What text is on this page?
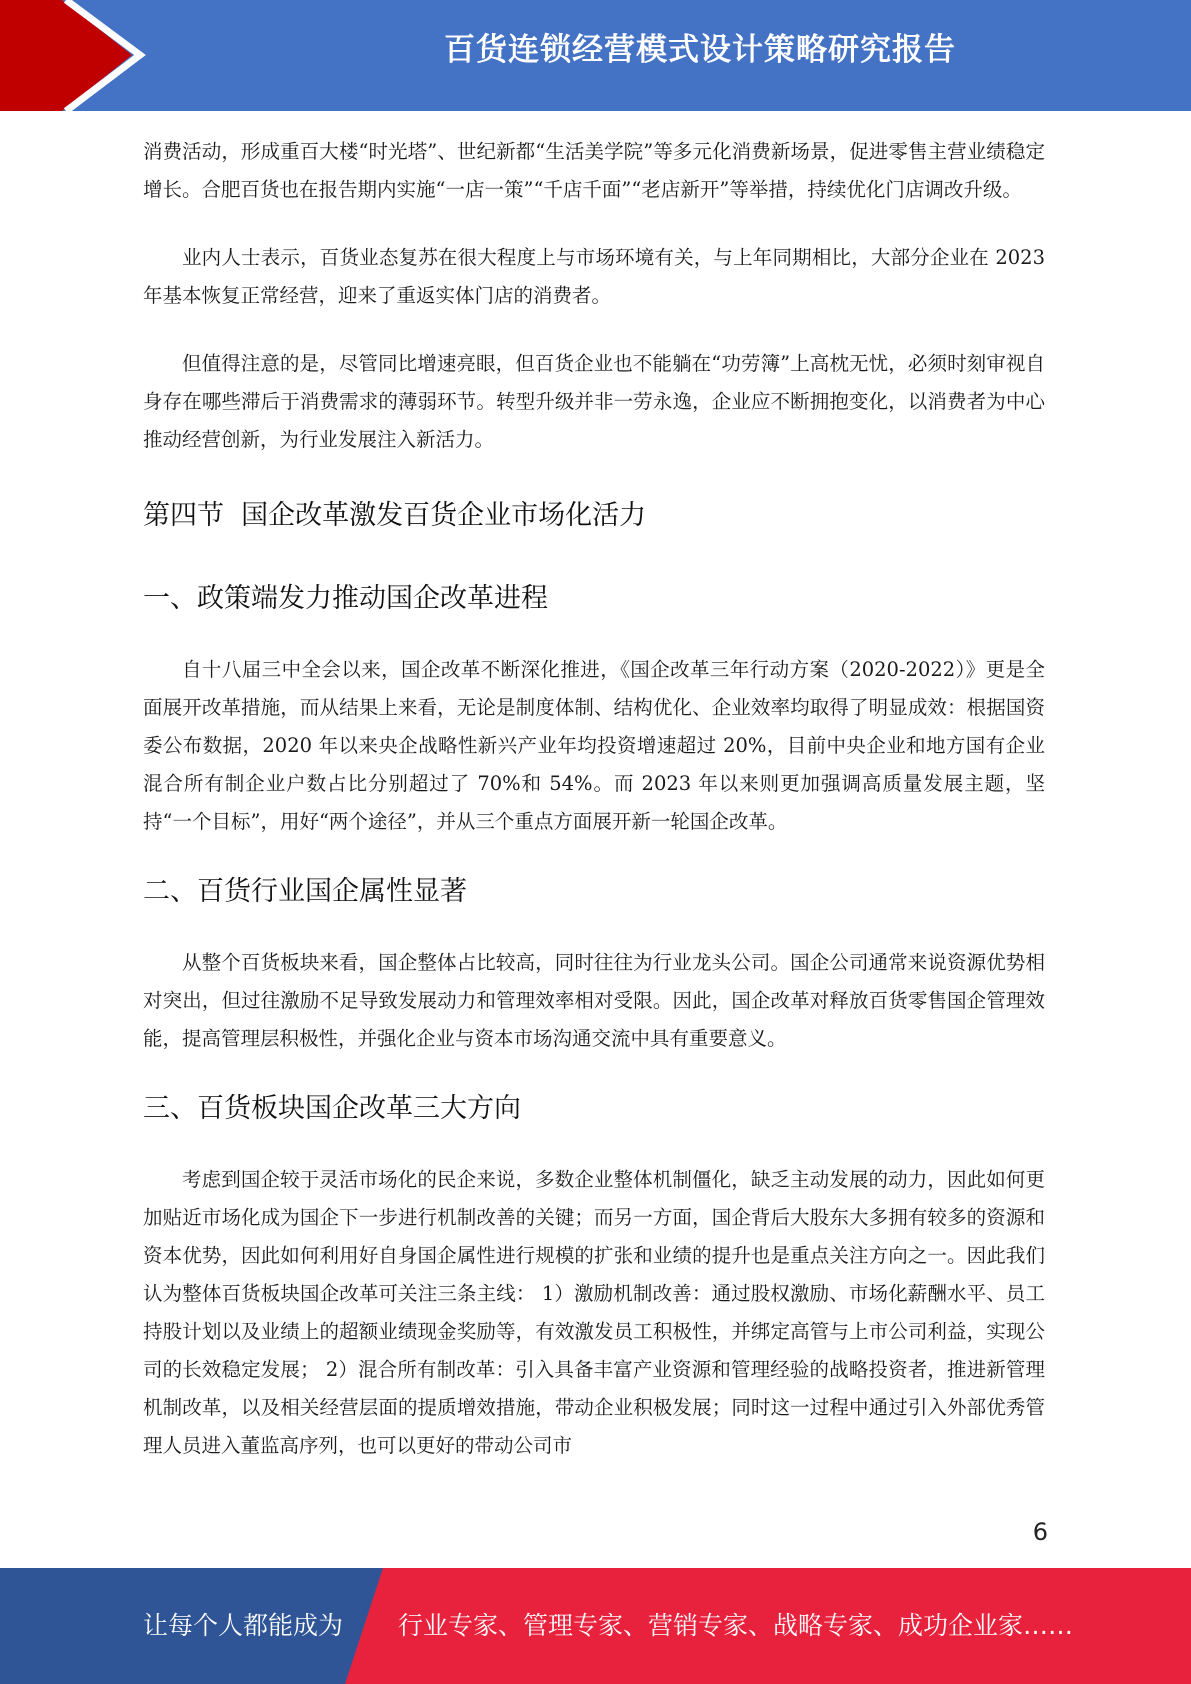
百货连锁经营模式设计策略研究报告

消费活动，形成重百大楼“时光塔”、世纪新都“生活美学院”等多元化消费新场景，促进零售主营业绩稳定增长。合肥百货也在报告期内实施“一店一策”“千店千面”“老店新开”等举措，持续优化门店调改升级。

业内人士表示，百货业态复苏在很大程度上与市场环境有关，与上年同期相比，大部分企业在 2023 年基本恢复正常经营，迎来了重返实体门店的消费者。

但值得注意的是，尽管同比增速亮眼，但百货企业也不能躺在“功劳簿”上高枕无忧，必须时刻审视自身存在哪些滞后于消费需求的薄弱环节。转型升级并非一劳永逸，企业应不断拥抱变化，以消费者为中心推动经营创新，为行业发展注入新活力。

第四节  国企改革激发百货企业市场化活力
一、政策端发力推动国企改革进程

自十八届三中全会以来，国企改革不断深化推进，《国企改革三年行动方案（2020-2022）》更是全面展开改革措施，而从结果上来看，无论是制度体制、结构优化、企业效率均取得了明显成效：根据国资委公布数据，2020 年以来央企战略性新兴产业年均投资增速超过 20%，目前中央企业和地方国有企业混合所有制企业户数占比分别超过了 70%和 54%。而 2023 年以来则更加强调高质量发展主题，坚持“一个目标”，用好“两个途径”，并从三个重点方面展开新一轮国企改革。

二、百货行业国企属性显著

从整个百货板块来看，国企整体占比较高，同时往往为行业龙头公司。国企公司通常来说资源优势相对突出，但过往激励不足导致发展动力和管理效率相对受限。因此，国企改革对释放百货零售国企管理效能，提高管理层积极性，并强化企业与资本市场沟通交流中具有重要意义。

三、百货板块国企改革三大方向

考虑到国企较于灵活市场化的民企来说，多数企业整体机制僵化，缺乏主动发展的动力，因此如何更加贴近市场化成为国企下一步进行机制改善的关键；而另一方面，国企背后大股东大多拥有较多的资源和资本优势，因此如何利用好自身国企属性进行规模的扩张和业绩的提升也是重点关注方向之一。因此我们认为整体百货板块国企改革可关注三条主线： 1）激励机制改善：通过股权激励、市场化薪酬水平、员工持股计划以及业绩上的超额业绩现金奖励等，有效激发员工积极性，并绑定高管与上市公司利益，实现公司的长效稳定发展； 2）混合所有制改革：引入具备丰富产业资源和管理经验的战略投资者，推进新管理机制改革，以及相关经营层面的提质增效措施，带动企业积极发展；同时这一过程中通过引入外部优秀管理人员进入董监高序列，也可以更好的带动公司市

6
让每个人都能成为 行业专家、管理专家、营销专家、战略专家、成功企业家……
